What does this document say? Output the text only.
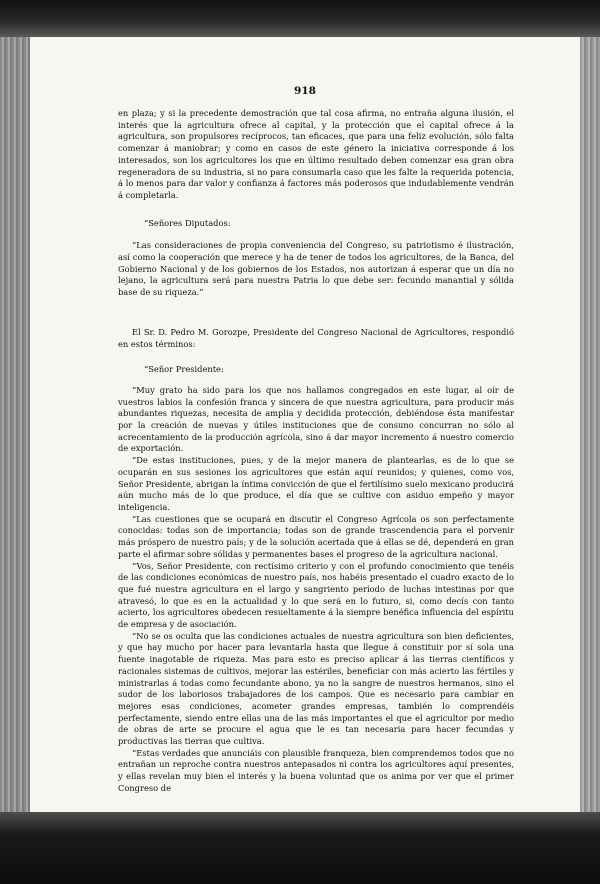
918

en plaza; y si la precedente demostración que tal cosa afirma, no entraña alguna ilusión, el interés que la agricultura ofrece al capital, y la protección que el capital ofrece á la agricultura, son propulsores recíprocos, tan eficaces, que para una feliz evolución, sólo falta comenzar á maniobrar; y como en casos de este género la iniciativa corresponde á los interesados, son los agricultores los que en último resultado deben comenzar esa gran obra regeneradora de su industria, si no para consumarla caso que les falte la requerida potencia, á lo menos para dar valor y confianza á factores más poderosos que indudablemente vendrán á completarla.

“Señores Diputados:

“Las consideraciones de propia conveniencia del Congreso, su patriotismo é ilustración, así como la cooperación que merece y ha de tener de todos los agricultores, de la Banca, del Gobierno Nacional y de los gobiernos de los Estados, nos autorizan á esperar que un día no lejano, la agricultura será para nuestra Patria lo que debe ser: fecundo manantial y sólida base de su riqueza.”

El Sr. D. Pedro M. Gorozpe, Presidente del Congreso Nacional de Agricultores, respondió en estos términos:

“Señor Presidente:

“Muy grato ha sido para los que nos hallamos congregados en este lugar, al oír de vuestros labios la confesión franca y sincera de que nuestra agricultura, para producir más abundantes riquezas, necesita de amplia y decidida protección, debiéndose ésta manifestar por la creación de nuevas y útiles instituciones que de consuno concurran no sólo al acrecentamiento de la producción agrícola, sino á dar mayor incremento á nuestro comercio de exportación.

“De estas instituciones, pues, y de la mejor manera de plantearlas, es de lo que se ocuparán en sus sesiones los agricultores que están aquí reunidos; y quienes, como vos, Señor Presidente, abrigan la íntima convicción de que el fertilísimo suelo mexicano producirá aún mucho más de lo que produce, el día que se cultive con asiduo empeño y mayor inteligencia.

“Las cuestiones que se ocupará en discutir el Congreso Agrícola os son perfectamente conocidas: todas son de importancia; todas son de grande trascendencia para el porvenir más próspero de nuestro país; y de la solución acertada que á ellas se dé, dependerá en gran parte el afirmar sobre sólidas y permanentes bases el progreso de la agricultura nacional.

“Vos, Señor Presidente, con rectísimo criterio y con el profundo conocimiento que tenéis de las condiciones económicas de nuestro país, nos habéis presentado el cuadro exacto de lo que fué nuestra agricultura en el largo y sangriento período de luchas intestinas por que atravesó, lo que es en la actualidad y lo que será en lo futuro, si, como decís con tanto acierto, los agricultores obedecen resueltamente á la siempre benéfica influencia del espíritu de empresa y de asociación.

“No se os oculta que las condiciones actuales de nuestra agricultura son bien deficientes, y que hay mucho por hacer para levantarla hasta que llegue á constituir por sí sola una fuente inagotable de riqueza. Mas para esto es preciso aplicar á las tierras científicos y racionales sistemas de cultivos, mejorar las estériles, beneficiar con más acierto las fértiles y ministrarlas á todas como fecundante abono, ya no la sangre de nuestros hermanos, sino el sudor de los laboriosos trabajadores de los campos. Que es necesario para cambiar en mejores esas condiciones, acometer grandes empresas, también lo comprendéis perfectamente, siendo entre ellas una de las más importantes el que el agricultor por medio de obras de arte se procure el agua que le es tan necesaria para hacer fecundas y productivas las tierras que cultiva.

“Estas verdades que anunciáis con plausible franqueza, bien comprendemos todos que no entrañan un reproche contra nuestros antepasados ni contra los agricultores aquí presentes, y ellas revelan muy bien el interés y la buena voluntad que os anima por ver que el primer Congreso de
